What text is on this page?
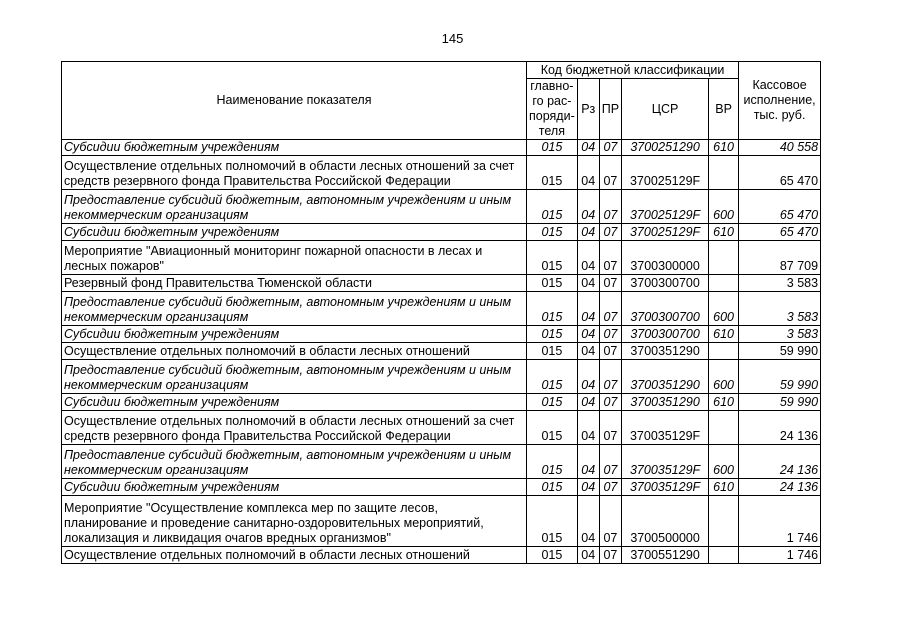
145
Наименование показателя	Код бюджетной классификации					Кассовое исполнение, тыс. руб.
	главно-го рас-поряди-теля	Рз	ПР	ЦСР	ВР	
Субсидии бюджетным учреждениям	015	04	07	3700251290	610	40 558
Осуществление отдельных полномочий в области лесных отношений за счет средств резервного фонда Правительства Российской Федерации	015	04	07	370025129F		65 470
Предоставление субсидий бюджетным, автономным учреждениям и иным некоммерческим организациям	015	04	07	370025129F	600	65 470
Субсидии бюджетным учреждениям	015	04	07	370025129F	610	65 470
Мероприятие "Авиационный мониторинг пожарной опасности в лесах и лесных пожаров"	015	04	07	3700300000		87 709
Резервный фонд Правительства Тюменской области	015	04	07	3700300700		3 583
Предоставление субсидий бюджетным, автономным учреждениям и иным некоммерческим организациям	015	04	07	3700300700	600	3 583
Субсидии бюджетным учреждениям	015	04	07	3700300700	610	3 583
Осуществление отдельных полномочий в области лесных отношений	015	04	07	3700351290		59 990
Предоставление субсидий бюджетным, автономным учреждениям и иным некоммерческим организациям	015	04	07	3700351290	600	59 990
Субсидии бюджетным учреждениям	015	04	07	3700351290	610	59 990
Осуществление отдельных полномочий в области лесных отношений за счет средств резервного фонда Правительства Российской Федерации	015	04	07	370035129F		24 136
Предоставление субсидий бюджетным, автономным учреждениям и иным некоммерческим организациям	015	04	07	370035129F	600	24 136
Субсидии бюджетным учреждениям	015	04	07	370035129F	610	24 136
Мероприятие "Осуществление комплекса мер по защите лесов, планирование и проведение санитарно-оздоровительных мероприятий, локализация и ликвидация очагов вредных организмов"	015	04	07	3700500000		1 746
Осуществление отдельных полномочий в области лесных отношений	015	04	07	3700551290		1 746
